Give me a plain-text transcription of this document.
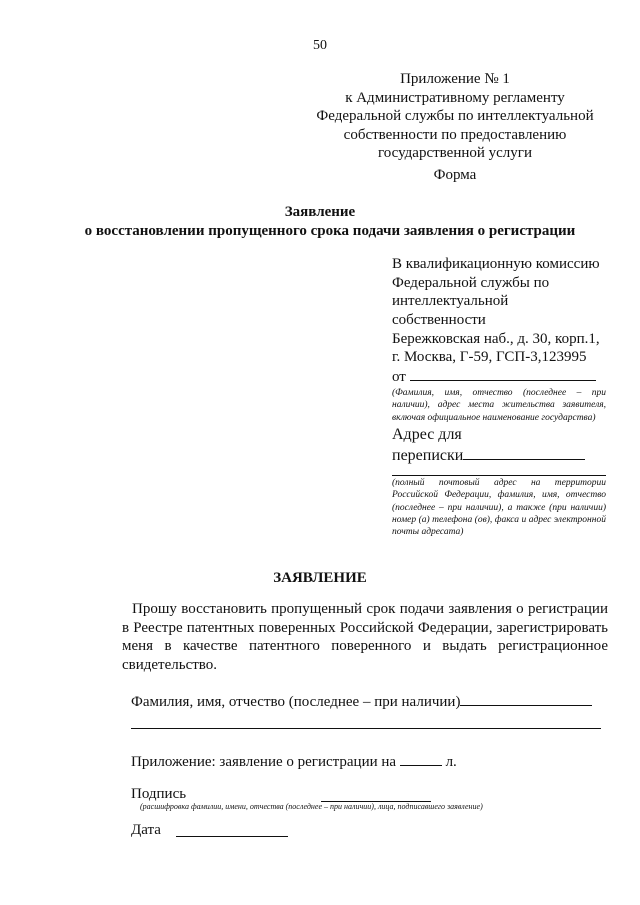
50
Приложение № 1
к Административному регламенту
Федеральной службы по интеллектуальной
собственности по предоставлению
государственной услуги
Форма
Заявление
о восстановлении пропущенного срока подачи заявления о регистрации
В квалификационную комиссию
Федеральной службы по
интеллектуальной
собственности
Бережковская наб., д. 30, корп.1,
г. Москва, Г-59, ГСП-3,123995
от
(Фамилия, имя, отчество (последнее – при наличии), адрес места жительства заявителя, включая официальное наименование государства)
Адрес для
переписки
(полный почтовый адрес на территории Российской Федерации, фамилия, имя, отчество (последнее – при наличии), а также (при наличии) номер (а) телефона (ов), факса и адрес электронной почты адресата)
ЗАЯВЛЕНИЕ
Прошу восстановить пропущенный срок подачи заявления о регистрации в Реестре патентных поверенных Российской Федерации, зарегистрировать меня в качестве патентного поверенного и выдать регистрационное свидетельство.
Фамилия, имя, отчество (последнее – при наличии)
Приложение: заявление о регистрации на	л.
Подпись
(расшифровка фамилии, имени, отчества (последнее – при наличии), лица, подписавшего заявление)
Дата
